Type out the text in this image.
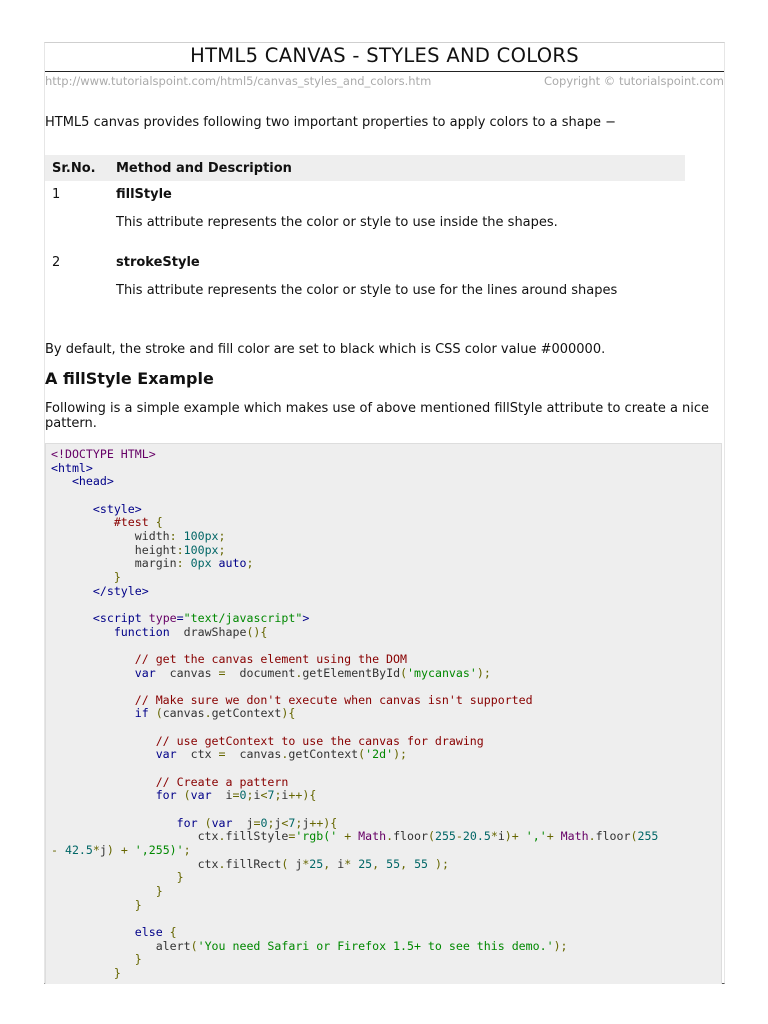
HTML5 CANVAS - STYLES AND COLORS
http://www.tutorialspoint.com/html5/canvas_styles_and_colors.htm	Copyright © tutorialspoint.com
HTML5 canvas provides following two important properties to apply colors to a shape −
Sr.No.	Method and Description
1	fillStyle
	This attribute represents the color or style to use inside the shapes.

2	strokeStyle
	This attribute represents the color or style to use for the lines around shapes
By default, the stroke and fill color are set to black which is CSS color value #000000.
A fillStyle Example
Following is a simple example which makes use of above mentioned fillStyle attribute to create a nice pattern.
<!DOCTYPE HTML>
<html>
<head>

<style>
#test {
width: 100px;
height:100px;
margin: 0px auto;
}
</style>

<script type="text/javascript">
function  drawShape(){

// get the canvas element using the DOM
var  canvas =  document.getElementById('mycanvas');

// Make sure we don't execute when canvas isn't supported
if (canvas.getContext){

// use getContext to use the canvas for drawing
var  ctx =  canvas.getContext('2d');

// Create a pattern
for (var  i=0;i<7;i++){

for (var  j=0;j<7;j++){
ctx.fillStyle='rgb(' + Math.floor(255-20.5*i)+ ','+ Math.floor(255
- 42.5*j) + ',255)';
ctx.fillRect( j*25, i* 25, 55, 55 );
}
}
}

else {
alert('You need Safari or Firefox 1.5+ to see this demo.');
}
}
